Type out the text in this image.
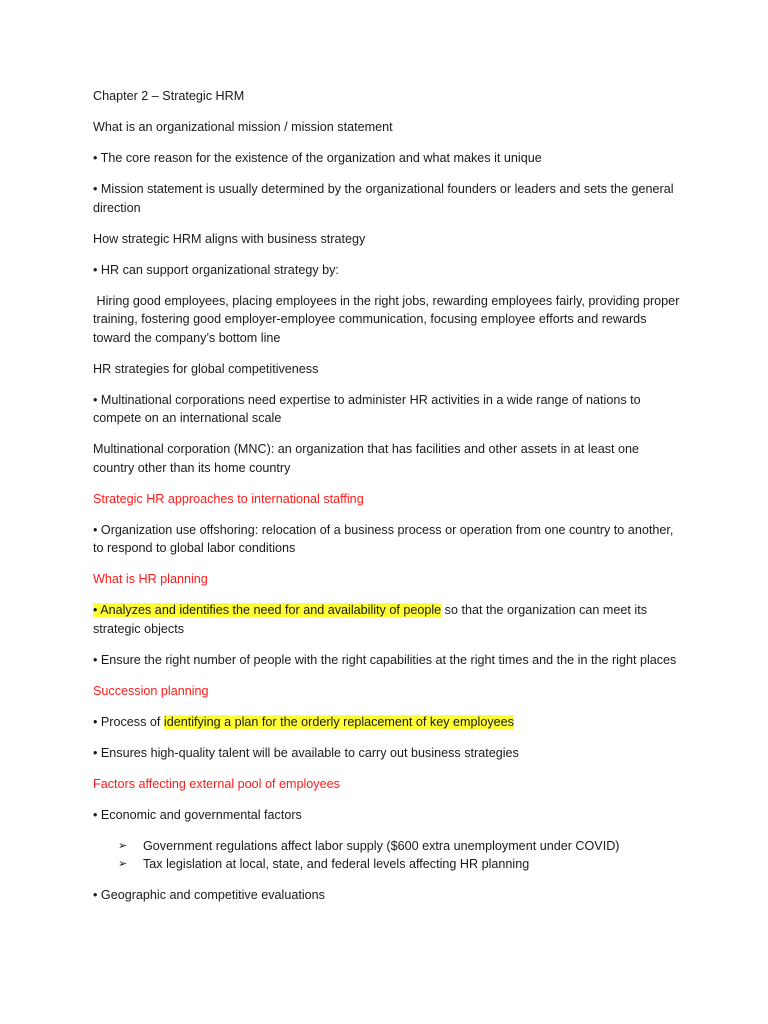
Chapter 2 – Strategic HRM
What is an organizational mission / mission statement
• The core reason for the existence of the organization and what makes it unique
• Mission statement is usually determined by the organizational founders or leaders and sets the general direction
How strategic HRM aligns with business strategy
• HR can support organizational strategy by:
Hiring good employees, placing employees in the right jobs, rewarding employees fairly, providing proper training, fostering good employer-employee communication, focusing employee efforts and rewards toward the company’s bottom line
HR strategies for global competitiveness
• Multinational corporations need expertise to administer HR activities in a wide range of nations to compete on an international scale
Multinational corporation (MNC): an organization that has facilities and other assets in at least one country other than its home country
Strategic HR approaches to international staffing
• Organization use offshoring: relocation of a business process or operation from one country to another, to respond to global labor conditions
What is HR planning
• Analyzes and identifies the need for and availability of people so that the organization can meet its strategic objects
• Ensure the right number of people with the right capabilities at the right times and the in the right places
Succession planning
• Process of identifying a plan for the orderly replacement of key employees
• Ensures high-quality talent will be available to carry out business strategies
Factors affecting external pool of employees
• Economic and governmental factors
➢ Government regulations affect labor supply ($600 extra unemployment under COVID)
➢ Tax legislation at local, state, and federal levels affecting HR planning
• Geographic and competitive evaluations
